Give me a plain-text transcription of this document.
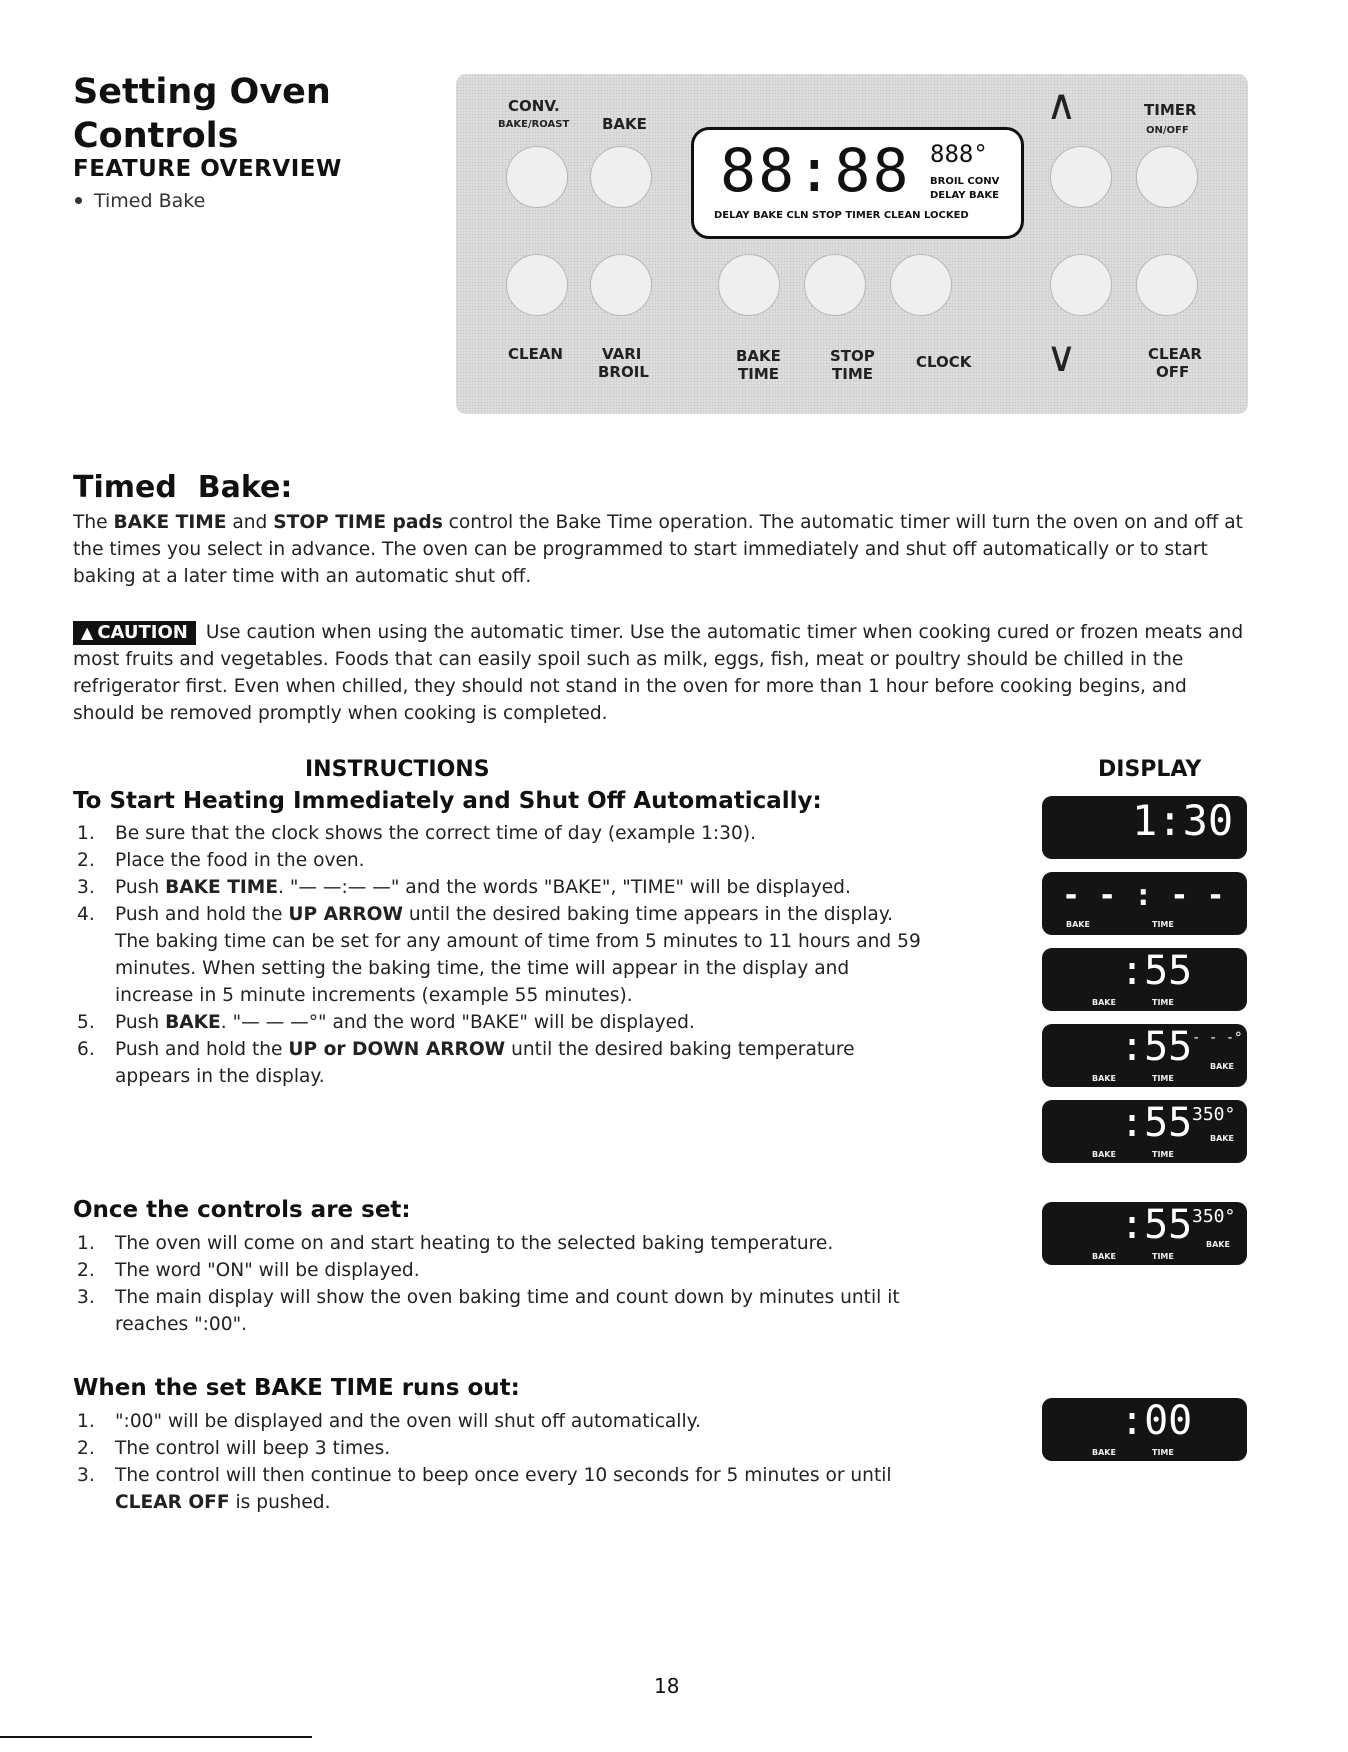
Setting Oven Controls
FEATURE OVERVIEW
Timed Bake
CONV.
BAKE/ROAST BAKE
88:88 888°
BROIL CONV
DELAY BAKE
DELAY BAKE CLN STOP TIMER CLEAN LOCKED
∧	TIMER
ON/OFF
CLEAN	VARI
BROIL
BAKE
TIME
STOP
TIME
CLOCK ∨	CLEAR
OFF
Timed  Bake:
The BAKE TIME and STOP TIME pads control the Bake Time operation. The automatic timer will turn the oven on and off at the times you select in advance. The oven can be programmed to start immediately and shut off automatically or to start baking at a later time with an automatic shut off.
▲ CAUTION Use caution when using the automatic timer. Use the automatic timer when cooking cured or frozen meats and most fruits and vegetables. Foods that can easily spoil such as milk, eggs, fish, meat or poultry should be chilled in the refrigerator first. Even when chilled, they should not stand in the oven for more than 1 hour before cooking begins, and should be removed promptly when cooking is completed.
INSTRUCTIONS	DISPLAY
To Start Heating Immediately and Shut Off Automatically:
1. Be sure that the clock shows the correct time of day (example 1:30).
2. Place the food in the oven.
3. Push BAKE TIME. "— —:— —" and the words "BAKE", "TIME" will be displayed.
4. Push and hold the UP ARROW until the desired baking time appears in the display. The baking time can be set for any amount of time from 5 minutes to 11 hours and 59 minutes. When setting the baking time, the time will appear in the display and increase in 5 minute increments (example 55 minutes).
5. Push BAKE. "— — —°" and the word "BAKE" will be displayed.
6. Push and hold the UP or DOWN ARROW until the desired baking temperature appears in the display.
Once the controls are set:
1. The oven will come on and start heating to the selected baking temperature.
2. The word "ON" will be displayed.
3. The main display will show the oven baking time and count down by minutes until it reaches ":00".
When the set BAKE TIME runs out:
1. ":00" will be displayed and the oven will shut off automatically.
2. The control will beep 3 times.
3. The control will then continue to beep once every 10 seconds for 5 minutes or until CLEAR OFF is pushed.
1:30
- - : - -
BAKE	TIME
:55
BAKE	TIME
:55 - - -°
BAKE	TIME
BAKE
:55 350°
BAKE	TIME
BAKE
:55 350°
BAKE	TIME
BAKE
:00
BAKE	TIME
18
